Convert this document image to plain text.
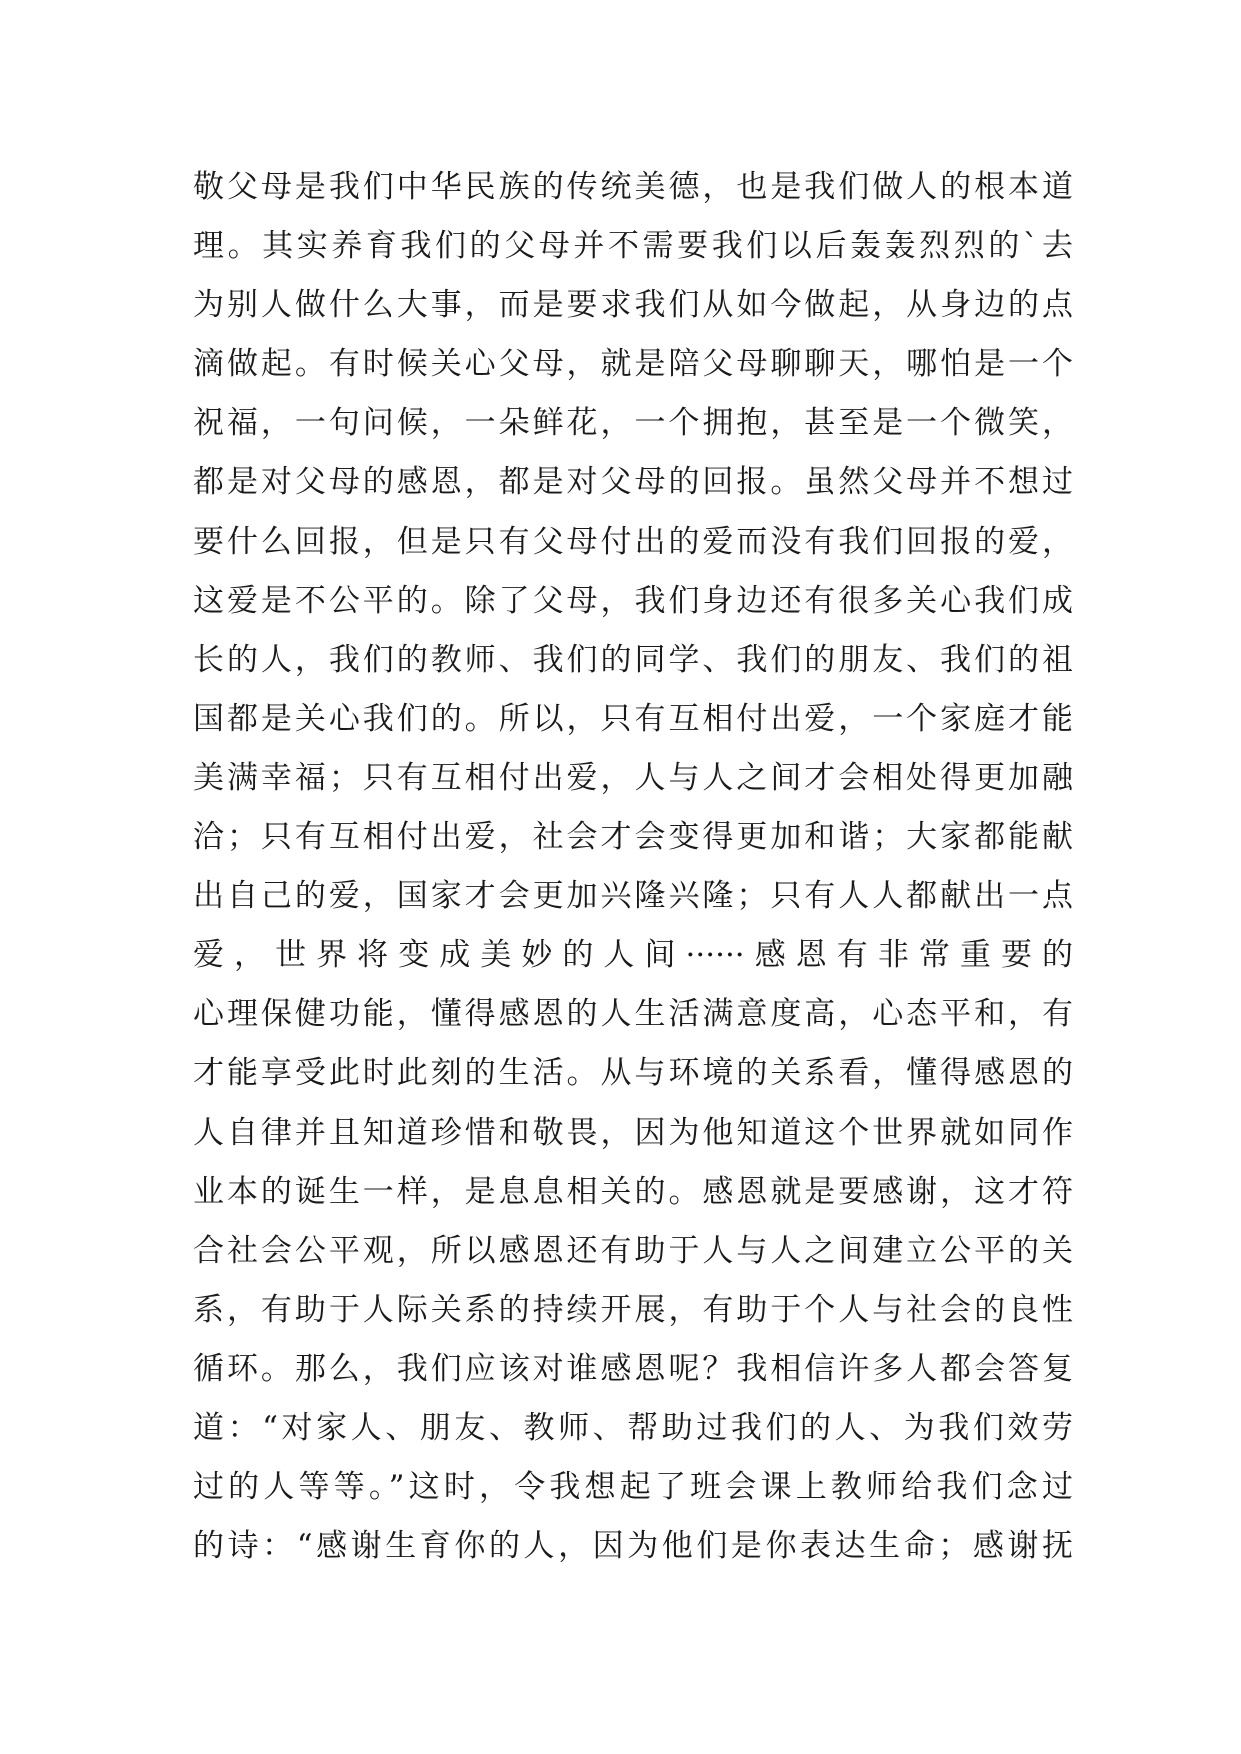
敬父母是我们中华民族的传统美德，也是我们做人的根本道
理。其实养育我们的父母并不需要我们以后轰轰烈烈的`去
为别人做什么大事，而是要求我们从如今做起，从身边的点
滴做起。有时候关心父母，就是陪父母聊聊天，哪怕是一个
祝福，一句问候，一朵鲜花，一个拥抱，甚至是一个微笑，
都是对父母的感恩，都是对父母的回报。虽然父母并不想过
要什么回报，但是只有父母付出的爱而没有我们回报的爱，
这爱是不公平的。除了父母，我们身边还有很多关心我们成
长的人，我们的教师、我们的同学、我们的朋友、我们的祖
国都是关心我们的。所以，只有互相付出爱，一个家庭才能
美满幸福；只有互相付出爱，人与人之间才会相处得更加融
洽；只有互相付出爱，社会才会变得更加和谐；大家都能献
出自己的爱，国家才会更加兴隆兴隆；只有人人都献出一点
爱，世界将变成美妙的人间······感恩有非常重要的
心理保健功能，懂得感恩的人生活满意度高，心态平和，有
才能享受此时此刻的生活。从与环境的关系看，懂得感恩的
人自律并且知道珍惜和敬畏，因为他知道这个世界就如同作
业本的诞生一样，是息息相关的。感恩就是要感谢，这才符
合社会公平观，所以感恩还有助于人与人之间建立公平的关
系，有助于人际关系的持续开展，有助于个人与社会的良性
循环。那么，我们应该对谁感恩呢？我相信许多人都会答复
道：“对家人、朋友、教师、帮助过我们的人、为我们效劳
过的人等等。”这时，令我想起了班会课上教师给我们念过
的诗：“感谢生育你的人，因为他们是你表达生命；感谢抚
